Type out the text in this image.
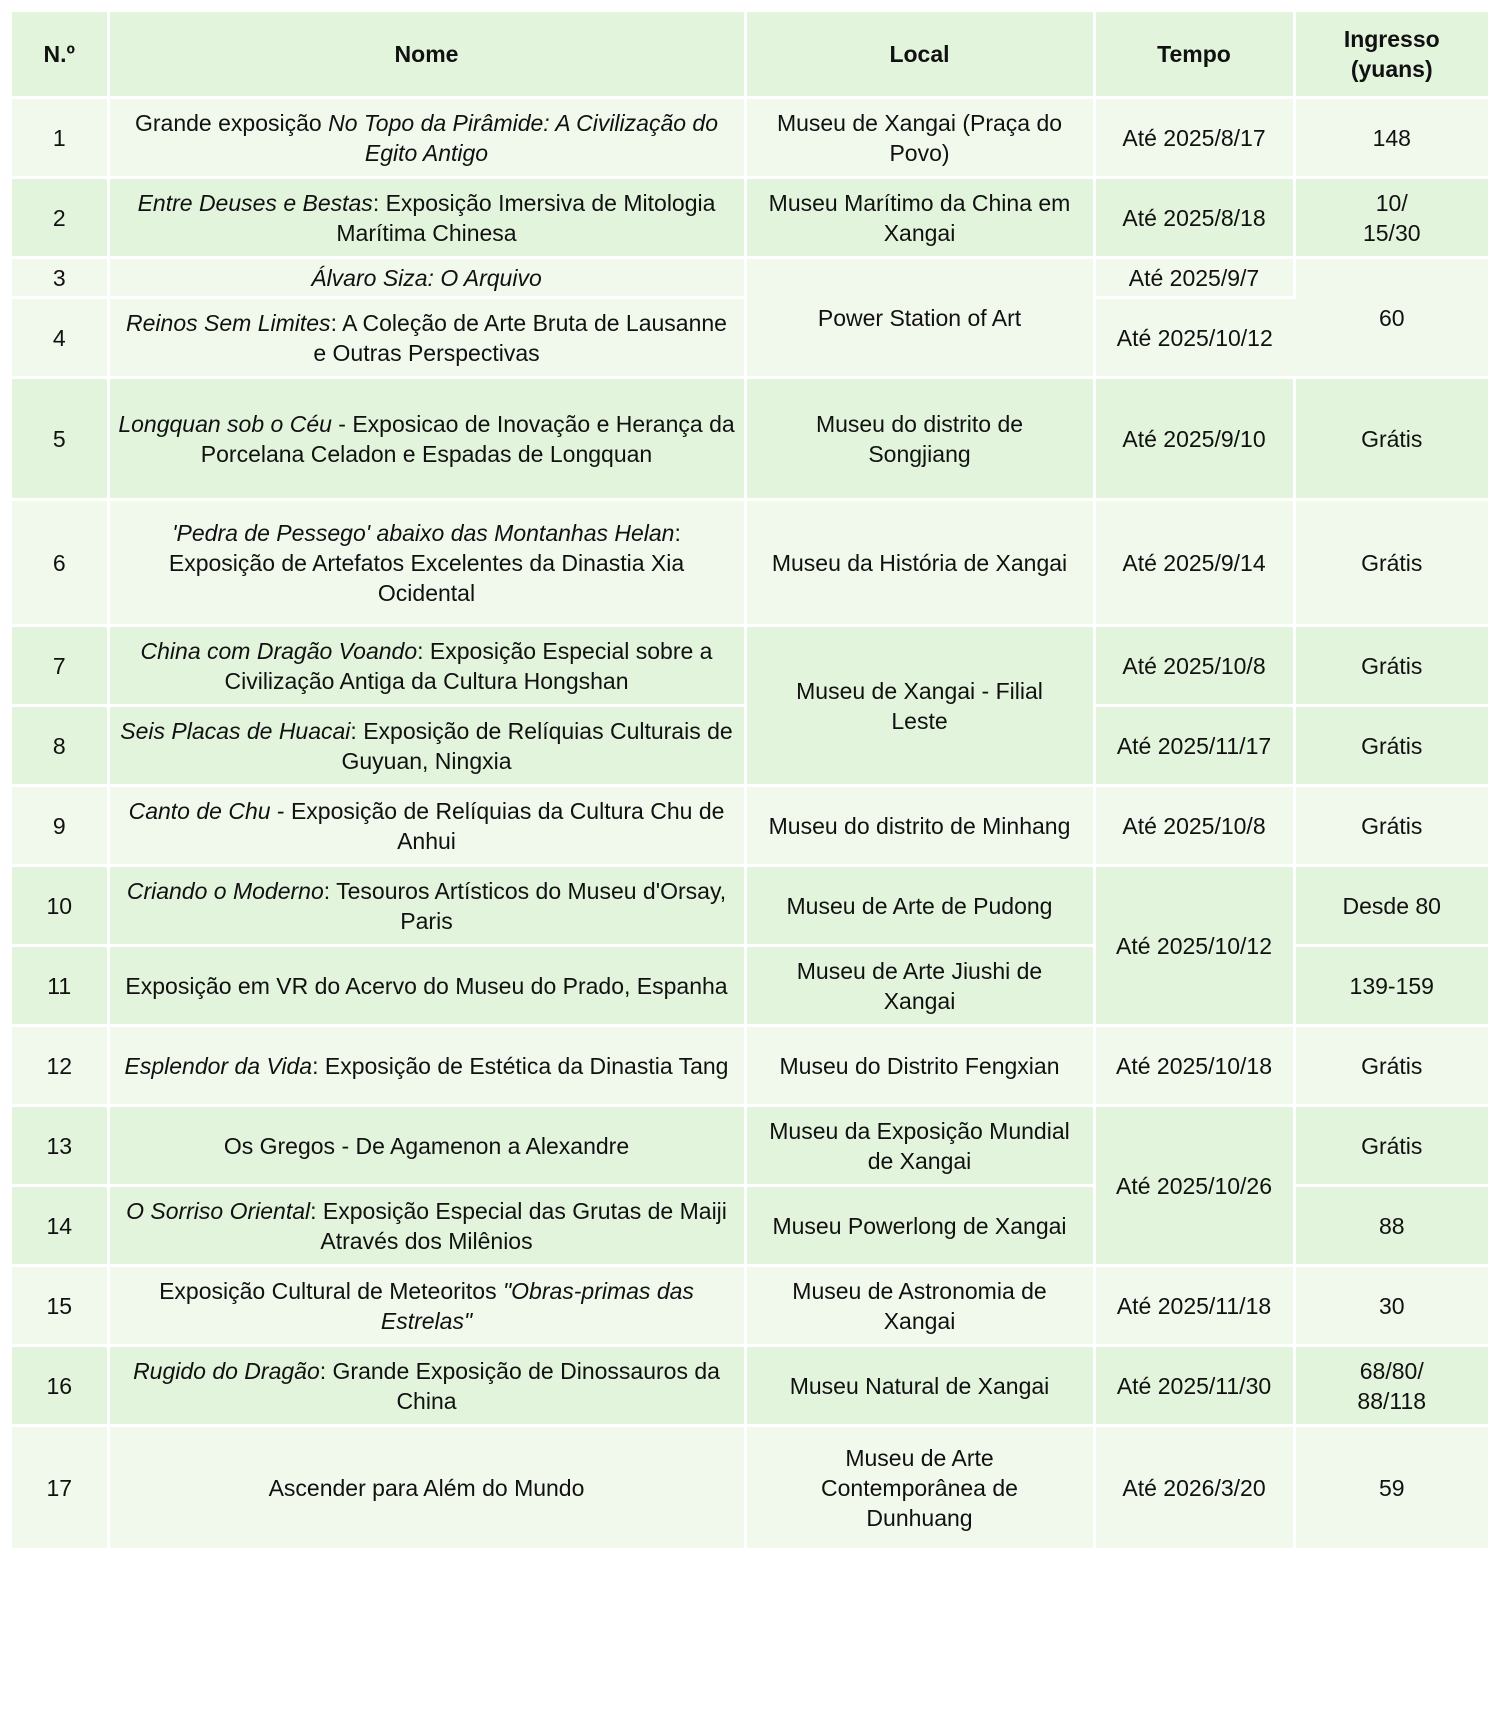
N.º	Nome	Local	Tempo	Ingresso
(yuans)
1	Grande exposição No Topo da Pirâmide: A Civilização do Egito Antigo	Museu de Xangai (Praça do Povo)	Até 2025/8/17	148
2	Entre Deuses e Bestas: Exposição Imersiva de Mitologia Marítima Chinesa	Museu Marítimo da China em Xangai	Até 2025/8/18	10/ 15/30
3	Álvaro Siza: O Arquivo	Power Station of Art	Até 2025/9/7	60
4	Reinos Sem Limites: A Coleção de Arte Bruta de Lausanne e Outras Perspectivas		Até 2025/10/12	
5	Longquan sob o Céu - Exposicao de Inovação e Herança da Porcelana Celadon e Espadas de Longquan	Museu do distrito de Songjiang	Até 2025/9/10	Grátis
6	'Pedra de Pessego' abaixo das Montanhas Helan: Exposição de Artefatos Excelentes da Dinastia Xia Ocidental	Museu da História de Xangai	Até 2025/9/14	Grátis
7	China com Dragão Voando: Exposição Especial sobre a Civilização Antiga da Cultura Hongshan	Museu de Xangai - Filial Leste	Até 2025/10/8	Grátis
8	Seis Placas de Huacai: Exposição de Relíquias Culturais de Guyuan, Ningxia		Até 2025/11/17	Grátis
9	Canto de Chu - Exposição de Relíquias da Cultura Chu de Anhui	Museu do distrito de Minhang	Até 2025/10/8	Grátis
10	Criando o Moderno: Tesouros Artísticos do Museu d'Orsay, Paris	Museu de Arte de Pudong	Até 2025/10/12	Desde 80
11	Exposição em VR do Acervo do Museu do Prado, Espanha	Museu de Arte Jiushi de Xangai		139-159
12	Esplendor da Vida: Exposição de Estética da Dinastia Tang	Museu do Distrito Fengxian	Até 2025/10/18	Grátis
13	Os Gregos - De Agamenon a Alexandre	Museu da Exposição Mundial de Xangai	Até 2025/10/26	Grátis
14	O Sorriso Oriental: Exposição Especial das Grutas de Maiji Através dos Milênios	Museu Powerlong de Xangai		88
15	Exposição Cultural de Meteoritos "Obras-primas das Estrelas"	Museu de Astronomia de Xangai	Até 2025/11/18	30
16	Rugido do Dragão: Grande Exposição de Dinossauros da China	Museu Natural de Xangai	Até 2025/11/30	68/80/ 88/118
17	Ascender para Além do Mundo	Museu de Arte Contemporânea de Dunhuang	Até 2026/3/20	59
